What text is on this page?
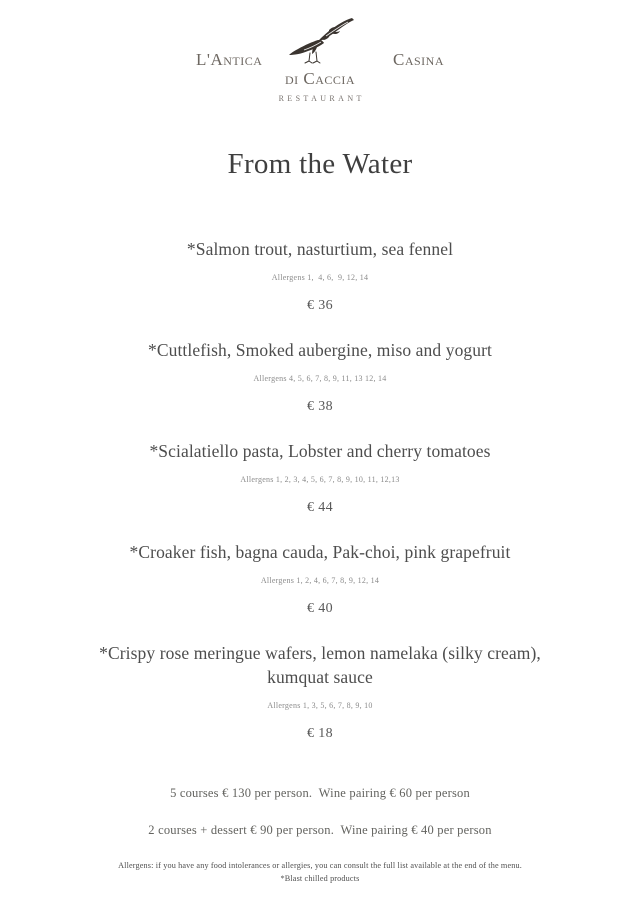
L'Antica	Casina
di Caccia
RESTAURANT
From the Water
*Salmon trout, nasturtium, sea fennel
Allergens 1,  4, 6,  9, 12, 14
€ 36
*Cuttlefish, Smoked aubergine, miso and yogurt
Allergens 4, 5, 6, 7, 8, 9, 11, 13 12, 14
€ 38
*Scialatiello pasta, Lobster and cherry tomatoes
Allergens 1, 2, 3, 4, 5, 6, 7, 8, 9, 10, 11, 12,13
€ 44
*Croaker fish, bagna cauda, Pak-choi, pink grapefruit
Allergens 1, 2, 4, 6, 7, 8, 9, 12, 14
€ 40
*Crispy rose meringue wafers, lemon namelaka (silky cream), kumquat sauce
Allergens 1, 3, 5, 6, 7, 8, 9, 10
€ 18
5 courses € 130 per person.  Wine pairing € 60 per person
2 courses + dessert € 90 per person.  Wine pairing € 40 per person
Allergens: if you have any food intolerances or allergies, you can consult the full list available at the end of the menu.
*Blast chilled products
